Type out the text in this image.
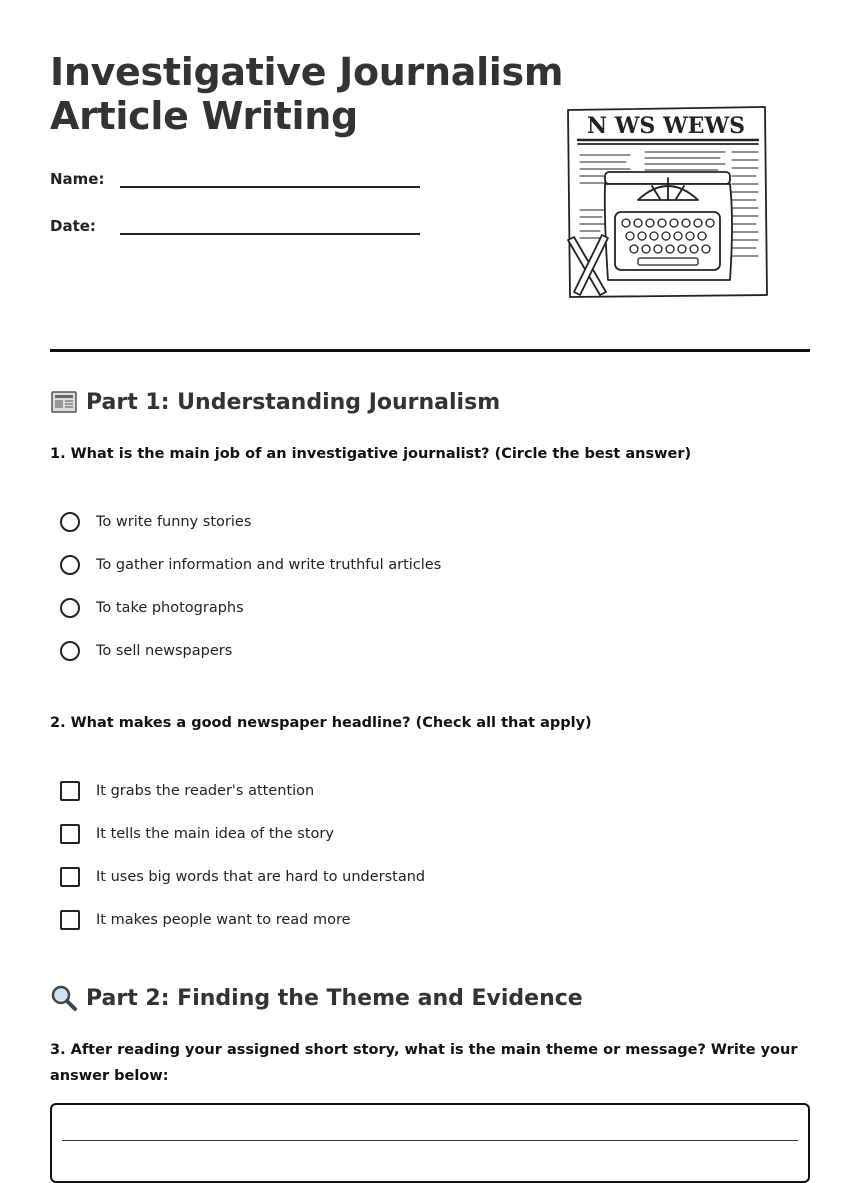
Investigative Journalism
Article Writing
Name:
Date:
N WS WEWS
Part 1: Understanding Journalism

1. What is the main job of an investigative journalist? (Circle the best answer)

To write funny stories
To gather information and write truthful articles
To take photographs
To sell newspapers

2. What makes a good newspaper headline? (Check all that apply)

It grabs the reader's attention
It tells the main idea of the story
It uses big words that are hard to understand
It makes people want to read more
Part 2: Finding the Theme and Evidence

3. After reading your assigned short story, what is the main theme or message? Write your answer below:
